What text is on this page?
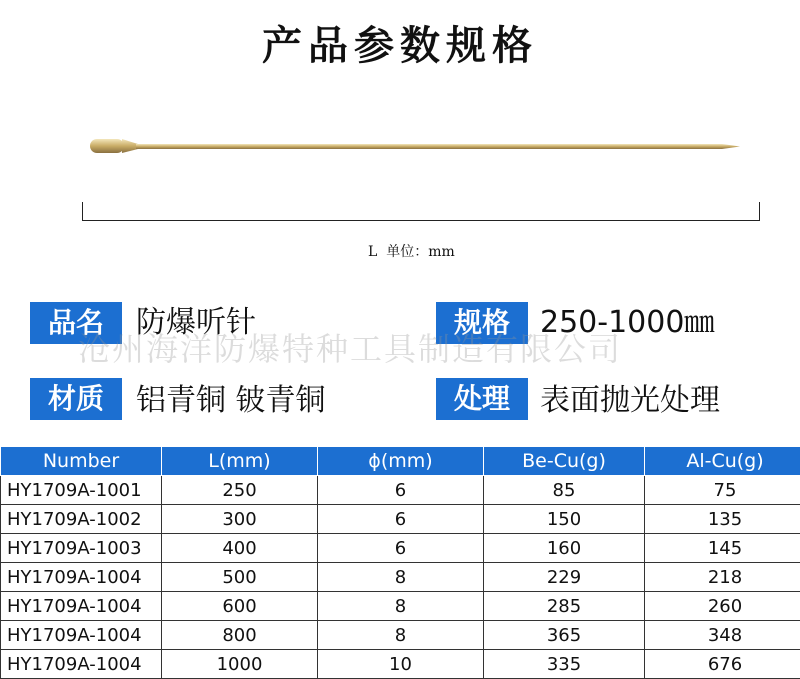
产品参数规格
L  单位：mm
品名	防爆听针	规格	250-1000㎜
沧州海洋防爆特种工具制造有限公司
材质	铝青铜 铍青铜	处理	表面抛光处理
Number	L(mm)	ϕ(mm)	Be-Cu(g)	Al-Cu(g)
HY1709A-1001	250	6	85	75
HY1709A-1002	300	6	150	135
HY1709A-1003	400	6	160	145
HY1709A-1004	500	8	229	218
HY1709A-1004	600	8	285	260
HY1709A-1004	800	8	365	348
HY1709A-1004	1000	10	335	676
